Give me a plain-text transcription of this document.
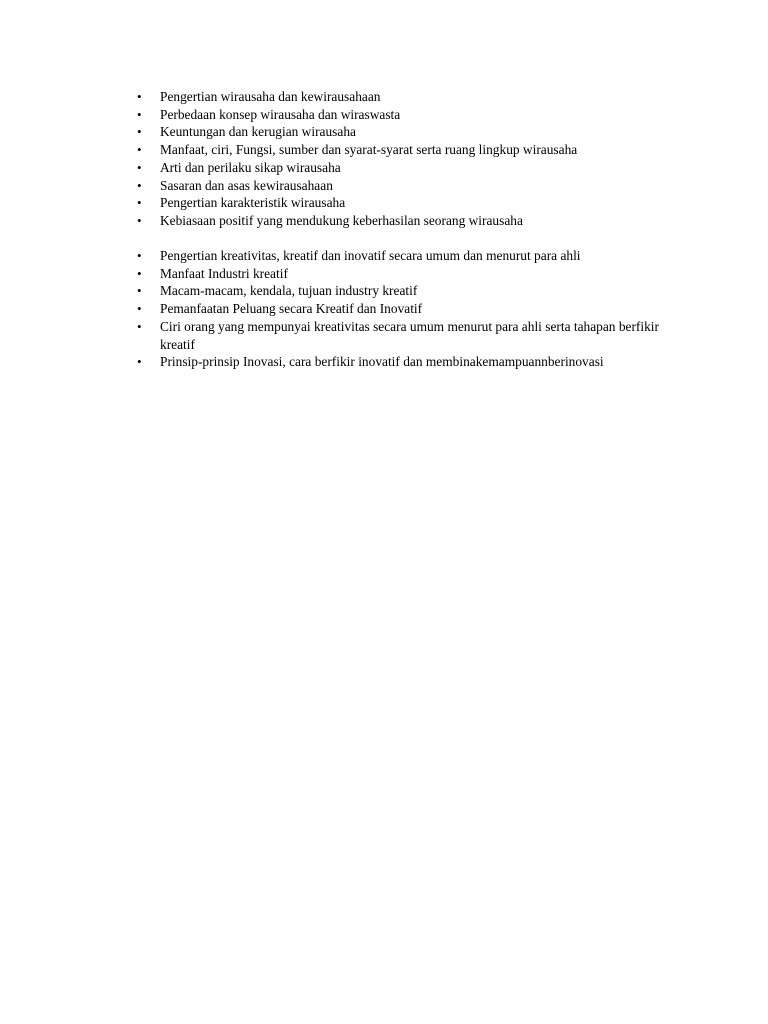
•	Pengertian wirausaha dan kewirausahaan
•	Perbedaan konsep wirausaha dan wiraswasta
•	Keuntungan dan kerugian wirausaha
•	Manfaat, ciri, Fungsi, sumber dan syarat-syarat serta ruang lingkup wirausaha
•	Arti dan perilaku sikap wirausaha
•	Sasaran dan asas kewirausahaan
•	Pengertian karakteristik wirausaha
•	Kebiasaan positif yang mendukung keberhasilan seorang wirausaha
•	Pengertian kreativitas, kreatif dan inovatif secara umum dan menurut para ahli
•	Manfaat Industri kreatif
•	Macam-macam, kendala, tujuan industry kreatif
•	Pemanfaatan Peluang secara Kreatif dan Inovatif
•	Ciri orang yang mempunyai kreativitas secara umum menurut para ahli serta tahapan berfikir kreatif
•	Prinsip-prinsip Inovasi, cara berfikir inovatif dan membinakemampuannberinovasi
